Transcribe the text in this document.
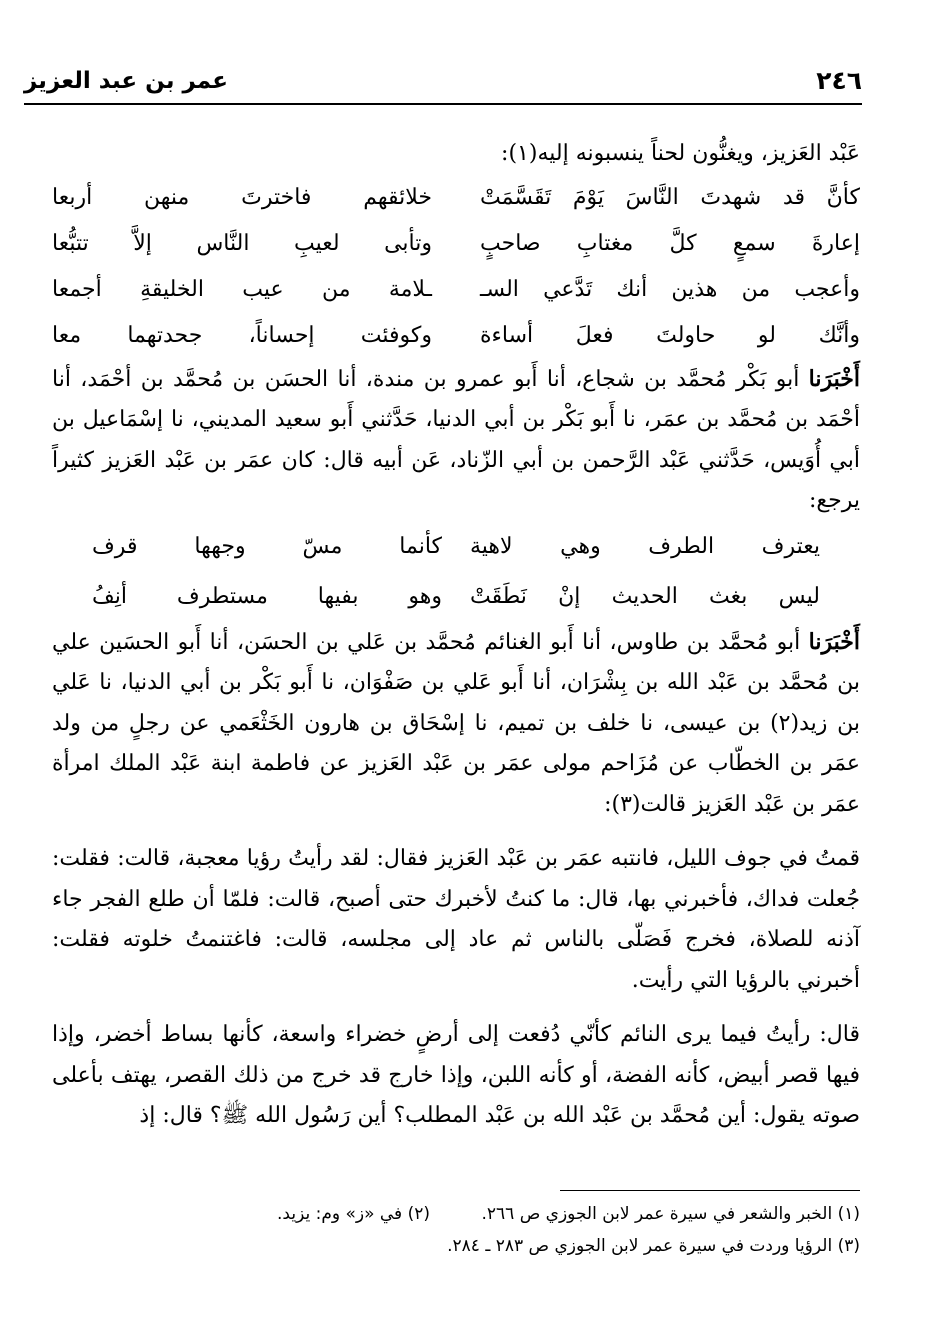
٢٤٦
عمر بن عبد العزيز

عَبْد العَزيز، ويغنُّون لحناً ينسبونه إليه(١):

كأنَّ قد شهدتَ النَّاسَ يَوْمَ تَقَسَّمَتْ
خلائقهم فاخترتَ منهن أربعا
إعارةَ سمعٍ كلَّ مغتابِ صاحبٍ
وتأبى لعيبِ النَّاس إلاَّ تتبُّعا
وأعجب من هذين أنك تَدَّعي السـ
ـلامة من عيب الخليقةِ أجمعا
وأنَّك لو حاولتَ فعلَ أساءة
وكوفئت إحساناً، جحدتهما معا

أَخْبَرَنا أبو بَكْر مُحمَّد بن شجاع، أنا أَبو عمرو بن مندة، أنا الحسَن بن مُحمَّد بن أحْمَد، أنا أحْمَد بن مُحمَّد بن عمَر، نا أَبو بَكْر بن أبي الدنيا، حَدَّثني أَبو سعيد المديني، نا إسْمَاعيل بن أبي أُوَيس، حَدَّثني عَبْد الرَّحمن بن أبي الزّناد، عَن أبيه قال: كان عمَر بن عَبْد العَزيز كثيراً يرجع:

يعترف الطرف وهي لاهية
كأنما مسّ وجهها قرف
ليس بغث الحديث إنْ نَطَقَتْ
وهو بفيها مستطرف أنِفُ

أَخْبَرَنا أبو مُحمَّد بن طاوس، أنا أَبو الغنائم مُحمَّد بن عَلي بن الحسَن، أنا أَبو الحسَين علي بن مُحمَّد بن عَبْد الله بن بِشْرَان، أنا أَبو عَلي بن صَفْوَان، نا أَبو بَكْر بن أبي الدنيا، نا عَلي بن زيد(٢) بن عيسى، نا خلف بن تميم، نا إسْحَاق بن هارون الخَثْعَمي عن رجلٍ من ولد عمَر بن الخطّاب عن مُزَاحم مولى عمَر بن عَبْد العَزيز عن فاطمة ابنة عَبْد الملك امرأة عمَر بن عَبْد العَزيز قالت(٣):

قمتُ في جوف الليل، فانتبه عمَر بن عَبْد العَزيز فقال: لقد رأيتُ رؤيا معجبة، قالت: فقلت: جُعلت فداك، فأخبرني بها، قال: ما كنتُ لأخبرك حتى أصبح، قالت: فلمّا أن طلع الفجر جاء آذنه للصلاة، فخرج فَصَلّى بالناس ثم عاد إلى مجلسه، قالت: فاغتنمتُ خلوته فقلت: أخبرني بالرؤيا التي رأيت.

قال: رأيتُ فيما يرى النائم كأنّي دُفعت إلى أرضٍ خضراء واسعة، كأنها بساط أخضر، وإذا فيها قصر أبيض، كأنه الفضة، أو كأنه اللبن، وإذا خارج قد خرج من ذلك القصر، يهتف بأعلى صوته يقول: أين مُحمَّد بن عَبْد الله بن عَبْد المطلب؟ أين رَسُول الله ﷺ؟ قال: إذ

(١) الخبر والشعر في سيرة عمر لابن الجوزي ص ٢٦٦.
(٢) في «ز» وم: يزيد.
(٣) الرؤيا وردت في سيرة عمر لابن الجوزي ص ٢٨٣ ـ ٢٨٤.
